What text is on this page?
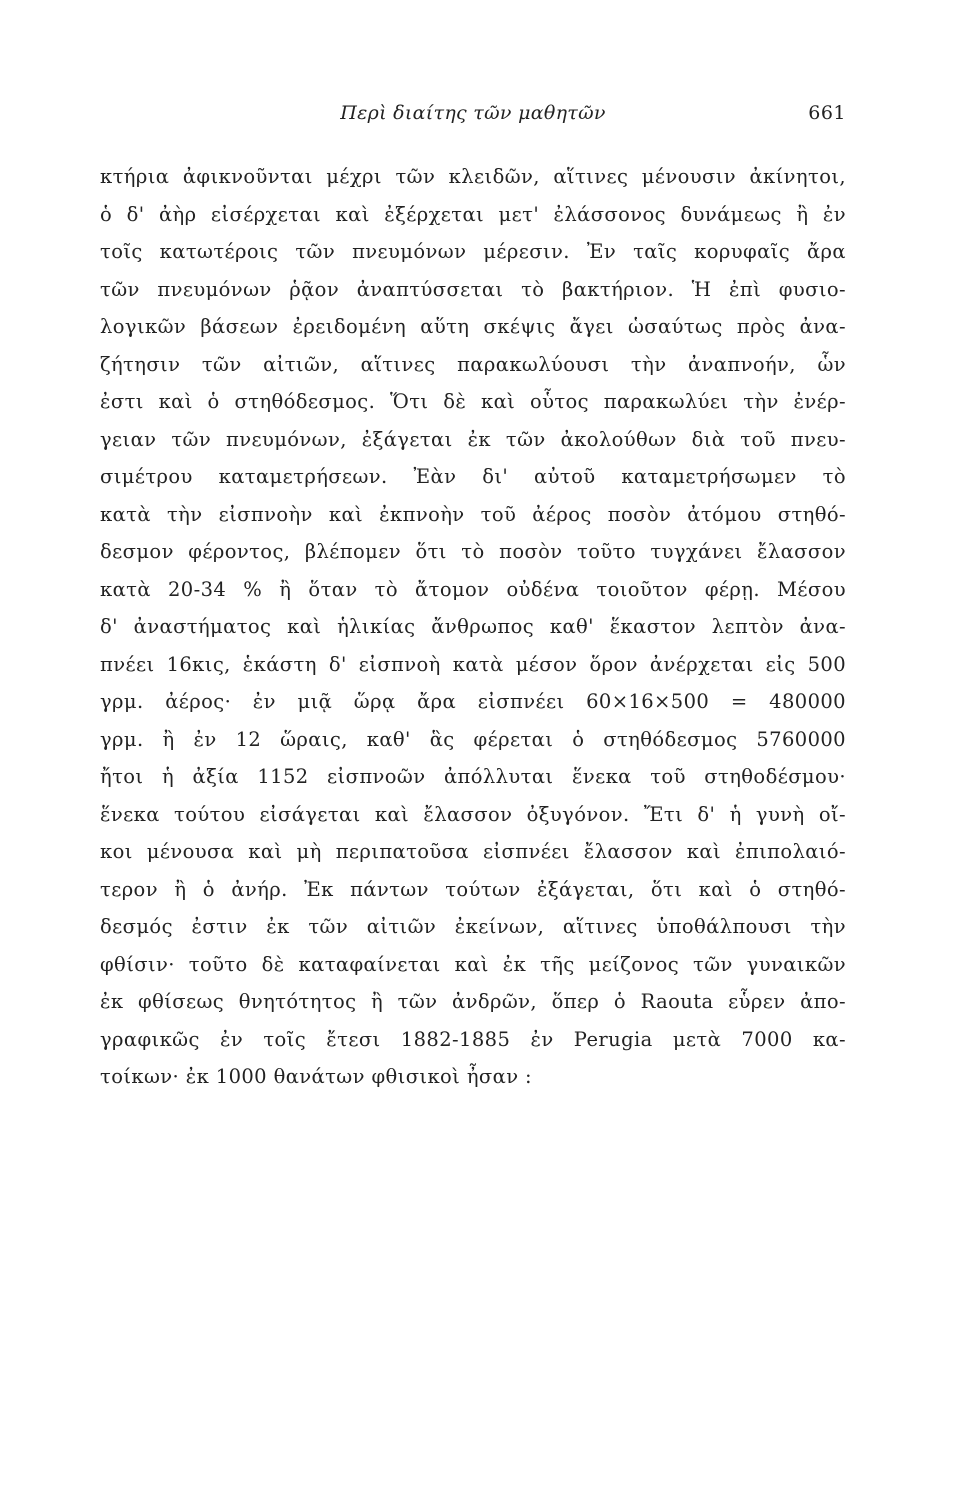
Περὶ διαίτης τῶν μαθητῶν	661
κτήρια ἀφικνοῦνται μέχρι τῶν κλειδῶν, αἵτινες μένουσιν ἀκίνητοι,
ὁ δ' ἀὴρ εἰσέρχεται καὶ ἐξέρχεται μετ' ἐλάσσονος δυνάμεως ἢ ἐν
τοῖς κατωτέροις τῶν πνευμόνων μέρεσιν. Ἐν ταῖς κορυφαῖς ἄρα
τῶν πνευμόνων ῥᾷον ἀναπτύσσεται τὸ βακτήριον. Ἡ ἐπὶ φυσιο-
λογικῶν βάσεων ἐρειδομένη αὕτη σκέψις ἄγει ὡσαύτως πρὸς ἀνα-
ζήτησιν τῶν αἰτιῶν, αἵτινες παρακωλύουσι τὴν ἀναπνοήν, ὧν
ἐστι καὶ ὁ στηθόδεσμος. Ὅτι δὲ καὶ οὗτος παρακωλύει τὴν ἐνέρ-
γειαν τῶν πνευμόνων, ἐξάγεται ἐκ τῶν ἀκολούθων διὰ τοῦ πνευ-
σιμέτρου καταμετρήσεων. Ἐὰν δι' αὐτοῦ καταμετρήσωμεν τὸ
κατὰ τὴν εἰσπνοὴν καὶ ἐκπνοὴν τοῦ ἀέρος ποσὸν ἀτόμου στηθό-
δεσμον φέροντος, βλέπομεν ὅτι τὸ ποσὸν τοῦτο τυγχάνει ἔλασσον
κατὰ 20-34 % ἢ ὅταν τὸ ἄτομον οὐδένα τοιοῦτον φέρῃ. Μέσου
δ' ἀναστήματος καὶ ἡλικίας ἄνθρωπος καθ' ἕκαστον λεπτὸν ἀνα-
πνέει 16κις, ἑκάστη δ' εἰσπνοὴ κατὰ μέσον ὅρον ἀνέρχεται εἰς 500
γρμ. ἀέρος· ἐν μιᾷ ὥρᾳ ἄρα εἰσπνέει 60×16×500 = 480000
γρμ. ἢ ἐν 12 ὥραις, καθ' ἃς φέρεται ὁ στηθόδεσμος 5760000
ἤτοι ἡ ἀξία 1152 εἰσπνοῶν ἀπόλλυται ἕνεκα τοῦ στηθοδέσμου·
ἕνεκα τούτου εἰσάγεται καὶ ἔλασσον ὀξυγόνον. Ἔτι δ' ἡ γυνὴ οἴ-
κοι μένουσα καὶ μὴ περιπατοῦσα εἰσπνέει ἔλασσον καὶ ἐπιπολαιό-
τερον ἢ ὁ ἀνήρ. Ἐκ πάντων τούτων ἐξάγεται, ὅτι καὶ ὁ στηθό-
δεσμός ἐστιν ἐκ τῶν αἰτιῶν ἐκείνων, αἵτινες ὑποθάλπουσι τὴν
φθίσιν· τοῦτο δὲ καταφαίνεται καὶ ἐκ τῆς μείζονος τῶν γυναικῶν
ἐκ φθίσεως θνητότητος ἢ τῶν ἀνδρῶν, ὅπερ ὁ Raouta εὗρεν ἀπο-
γραφικῶς ἐν τοῖς ἔτεσι 1882-1885 ἐν Perugia μετὰ 7000 κα-
τοίκων· ἐκ 1000 θανάτων φθισικοὶ ἦσαν :
